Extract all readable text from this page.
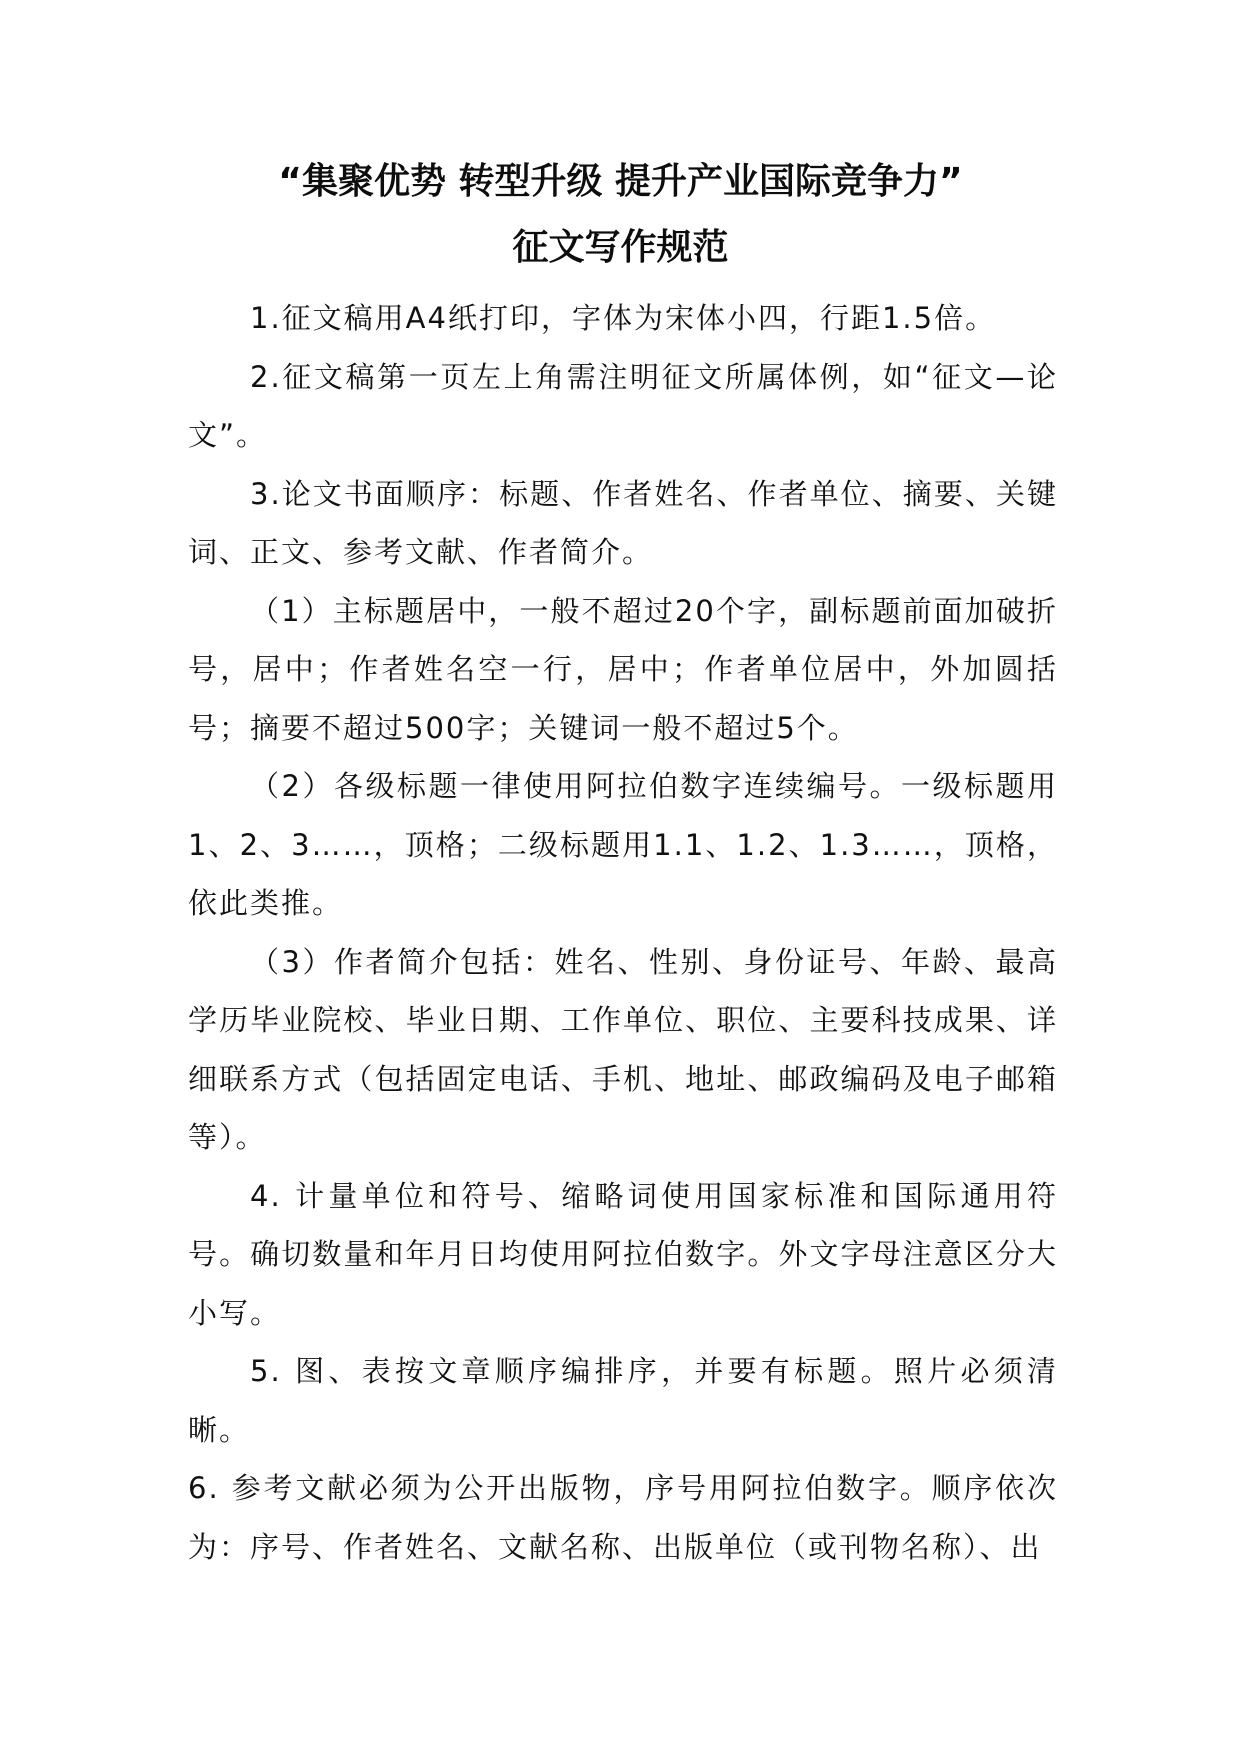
“集聚优势 转型升级 提升产业国际竞争力”
征文写作规范

1.征文稿用A4纸打印，字体为宋体小四，行距1.5倍。

2.征文稿第一页左上角需注明征文所属体例，如“征文—论文”。

3.论文书面顺序：标题、作者姓名、作者单位、摘要、关键词、正文、参考文献、作者简介。

（1）主标题居中，一般不超过20个字，副标题前面加破折号，居中；作者姓名空一行，居中；作者单位居中，外加圆括号；摘要不超过500字；关键词一般不超过5个。

（2）各级标题一律使用阿拉伯数字连续编号。一级标题用1、2、3……，顶格；二级标题用1.1、1.2、1.3……，顶格，依此类推。

（3）作者简介包括：姓名、性别、身份证号、年龄、最高学历毕业院校、毕业日期、工作单位、职位、主要科技成果、详细联系方式（包括固定电话、手机、地址、邮政编码及电子邮箱等）。

4. 计量单位和符号、缩略词使用国家标准和国际通用符号。确切数量和年月日均使用阿拉伯数字。外文字母注意区分大小写。

5. 图、表按文章顺序编排序，并要有标题。照片必须清晰。

6. 参考文献必须为公开出版物，序号用阿拉伯数字。顺序依次为：序号、作者姓名、文献名称、出版单位（或刊物名称）、出
